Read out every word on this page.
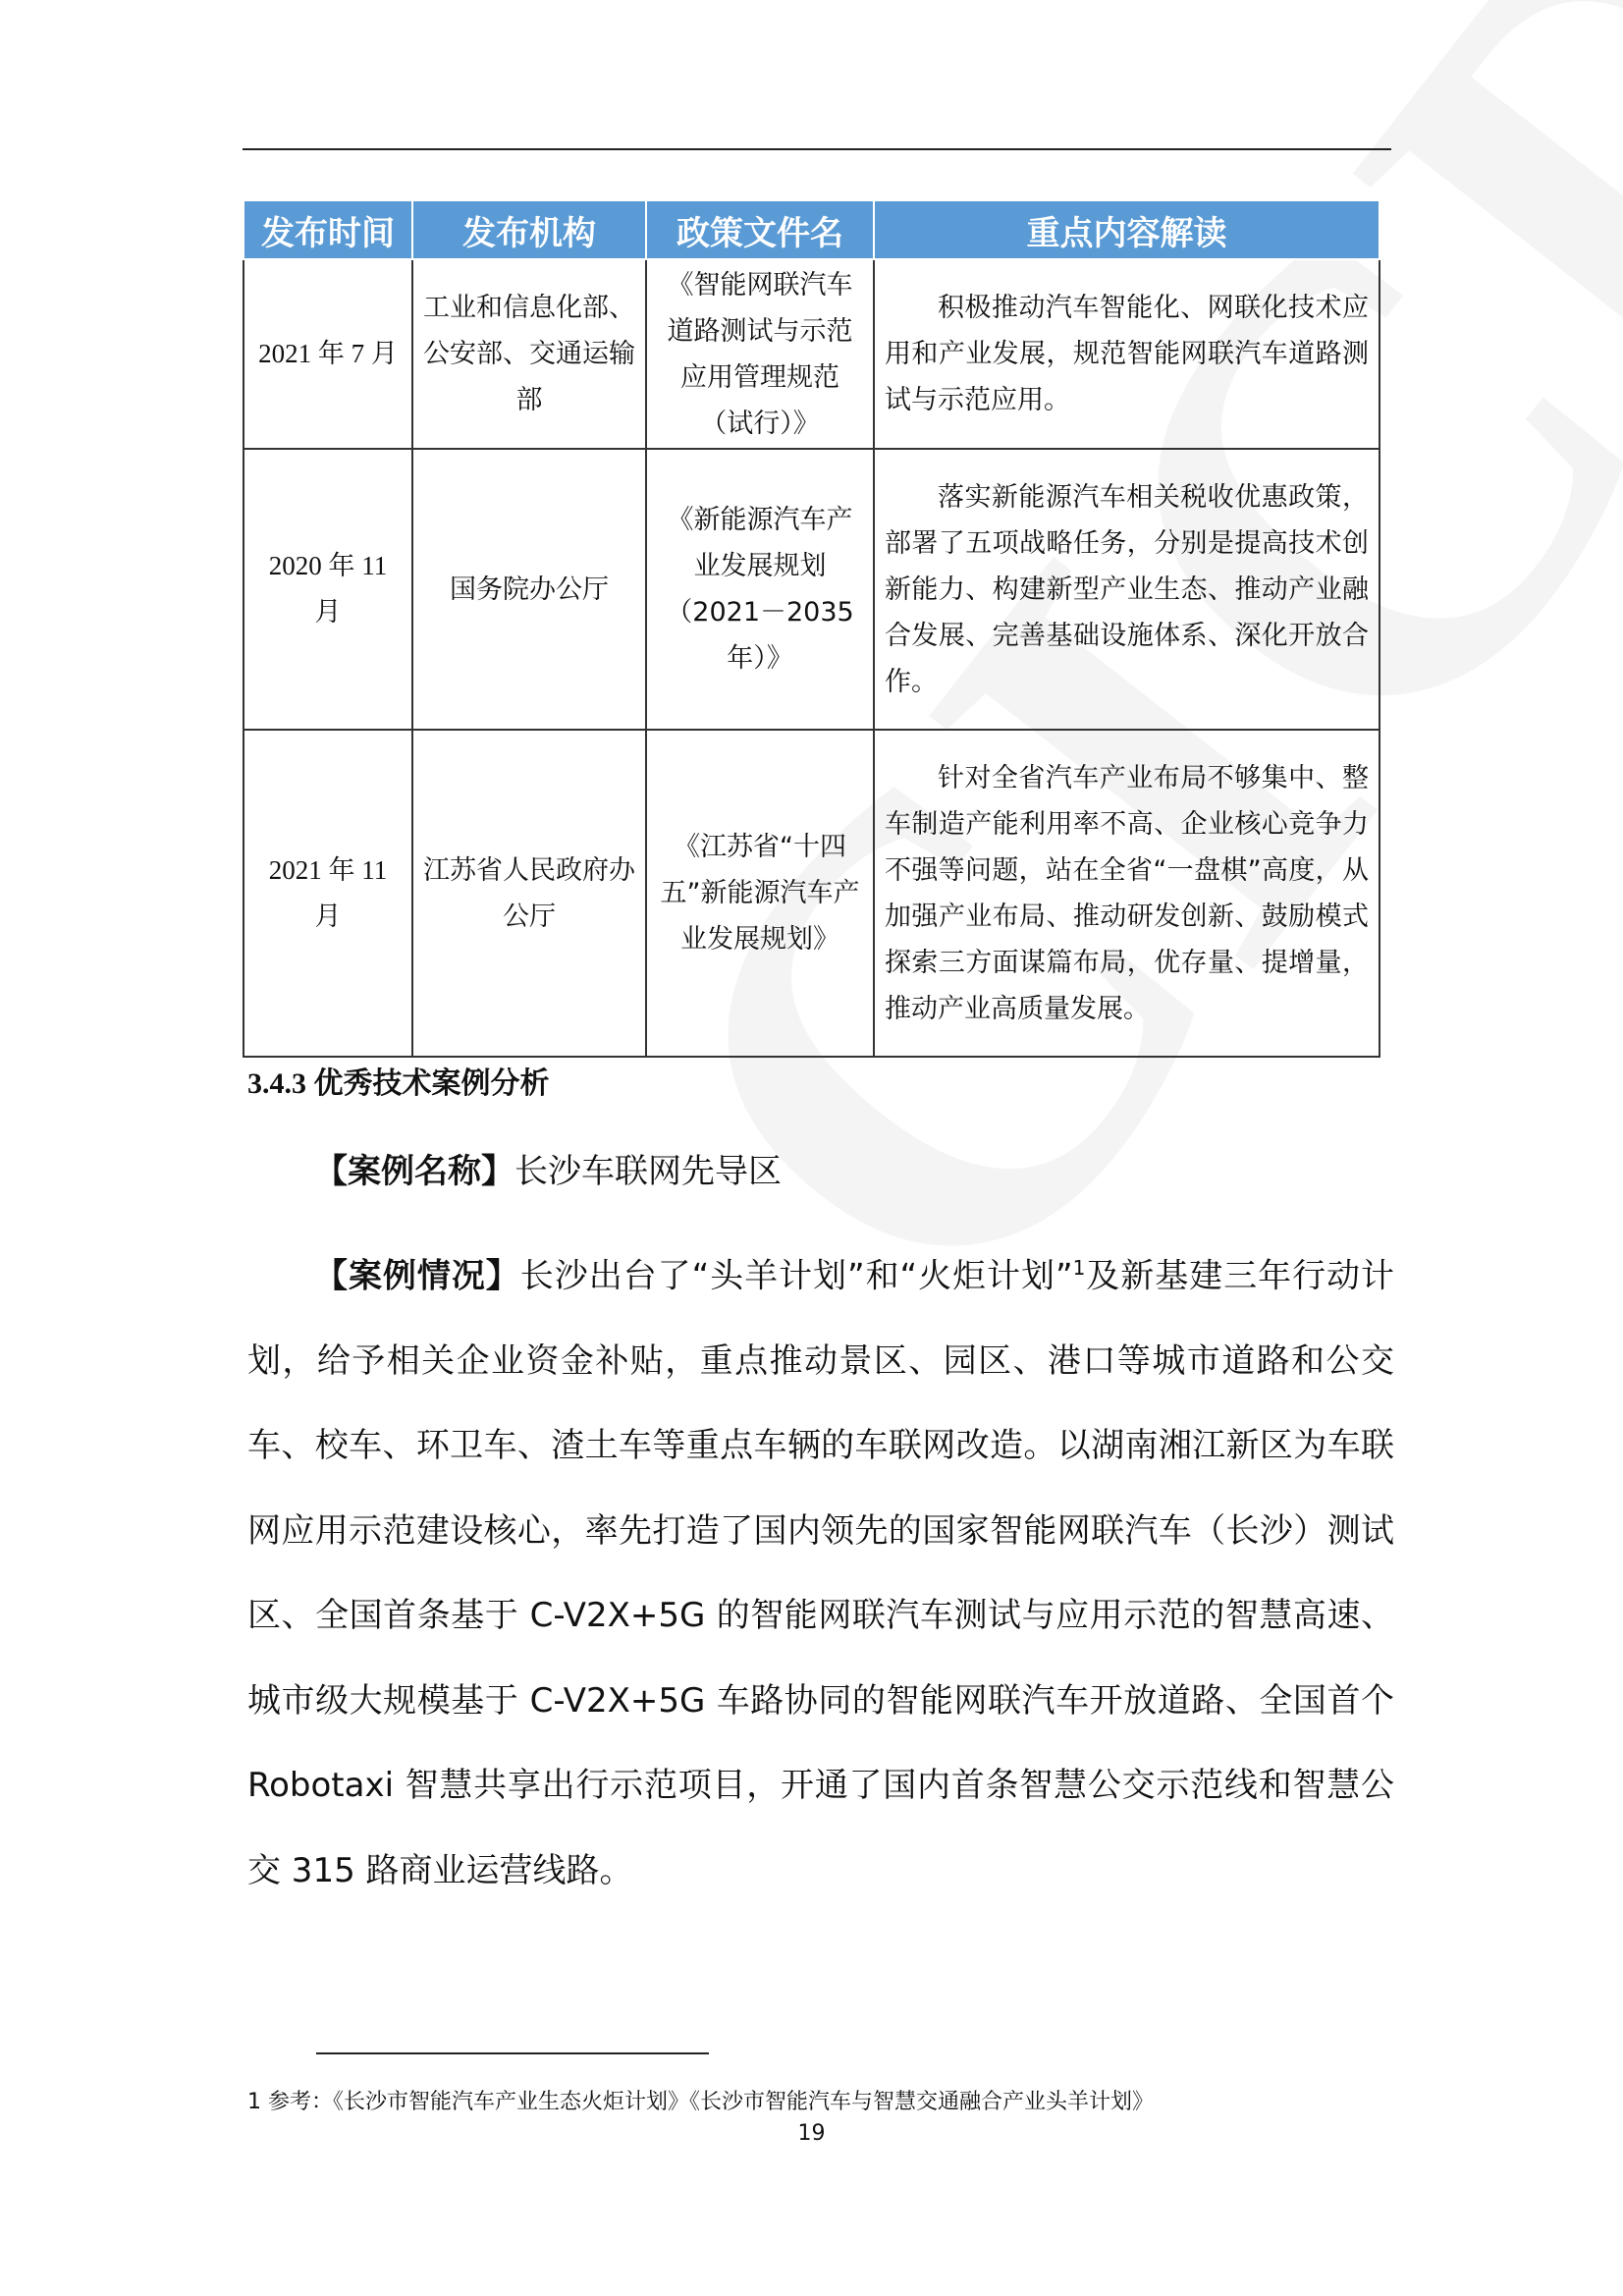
发布时间	发布机构	政策文件名	重点内容解读
2021 年 7 月	工业和信息化部、公安部、交通运输部	《智能网联汽车道路测试与示范应用管理规范（试行）》	积极推动汽车智能化、网联化技术应用和产业发展，规范智能网联汽车道路测试与示范应用。

2020 年 11 月	国务院办公厅	《新能源汽车产业发展规划（2021－2035 年）》	落实新能源汽车相关税收优惠政策，部署了五项战略任务，分别是提高技术创新能力、构建新型产业生态、推动产业融合发展、完善基础设施体系、深化开放合作。

2021 年 11 月	江苏省人民政府办公厅	《江苏省“十四五”新能源汽车产业发展规划》	针对全省汽车产业布局不够集中、整车制造产能利用率不高、企业核心竞争力不强等问题，站在全省“一盘棋”高度，从加强产业布局、推动研发创新、鼓励模式探索三方面谋篇布局，优存量、提增量，推动产业高质量发展。
3.4.3 优秀技术案例分析
【案例名称】长沙车联网先导区
【案例情况】长沙出台了“头羊计划”和“火炬计划”$^1$及新基建三年行动计划，给予相关企业资金补贴，重点推动景区、园区、港口等城市道路和公交车、校车、环卫车、渣土车等重点车辆的车联网改造。以湖南湘江新区为车联网应用示范建设核心，率先打造了国内领先的国家智能网联汽车（长沙）测试区、全国首条基于 C-V2X+5G 的智能网联汽车测试与应用示范的智慧高速、城市级大规模基于 C-V2X+5G 车路协同的智能网联汽车开放道路、全国首个 Robotaxi 智慧共享出行示范项目，开通了国内首条智慧公交示范线和智慧公交 315 路商业运营线路。
1 参考：《长沙市智能汽车产业生态火炬计划》《长沙市智能汽车与智慧交通融合产业头羊计划》
19
